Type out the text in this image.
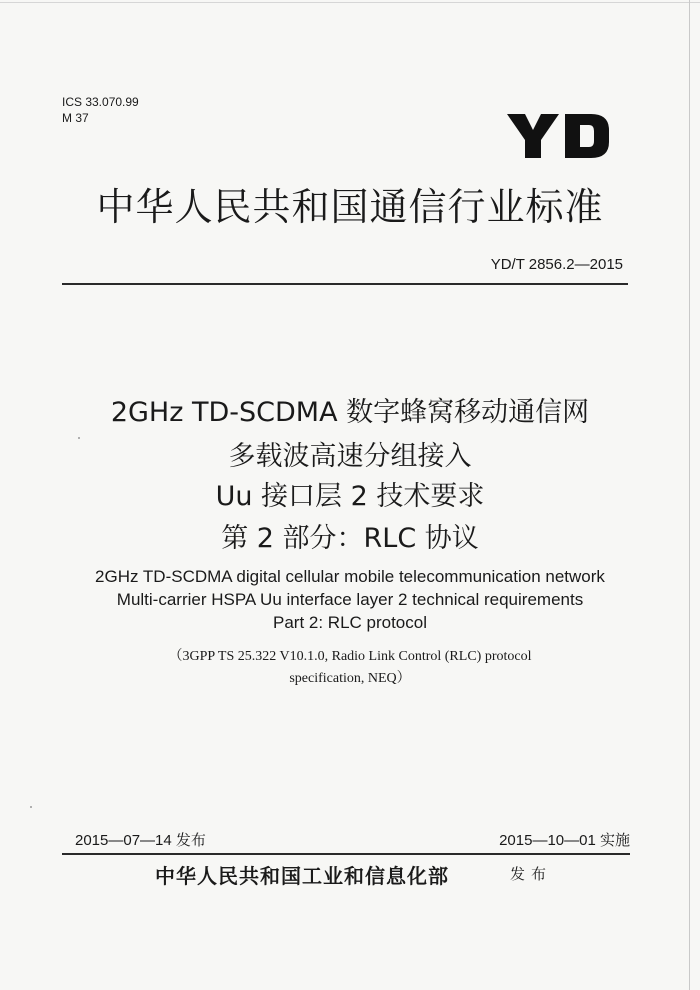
ICS 33.070.99
M 37
中华人民共和国通信行业标准
YD/T 2856.2—2015
2GHz TD-SCDMA 数字蜂窝移动通信网
多载波高速分组接入
Uu 接口层 2 技术要求
第 2 部分：RLC 协议
2GHz TD-SCDMA digital cellular mobile telecommunication network
Multi-carrier HSPA Uu interface layer 2 technical requirements
Part 2: RLC protocol
（3GPP TS 25.322 V10.1.0, Radio Link Control (RLC) protocol
specification, NEQ）
2015—07—14 发布	2015—10—01 实施
中华人民共和国工业和信息化部	发布
